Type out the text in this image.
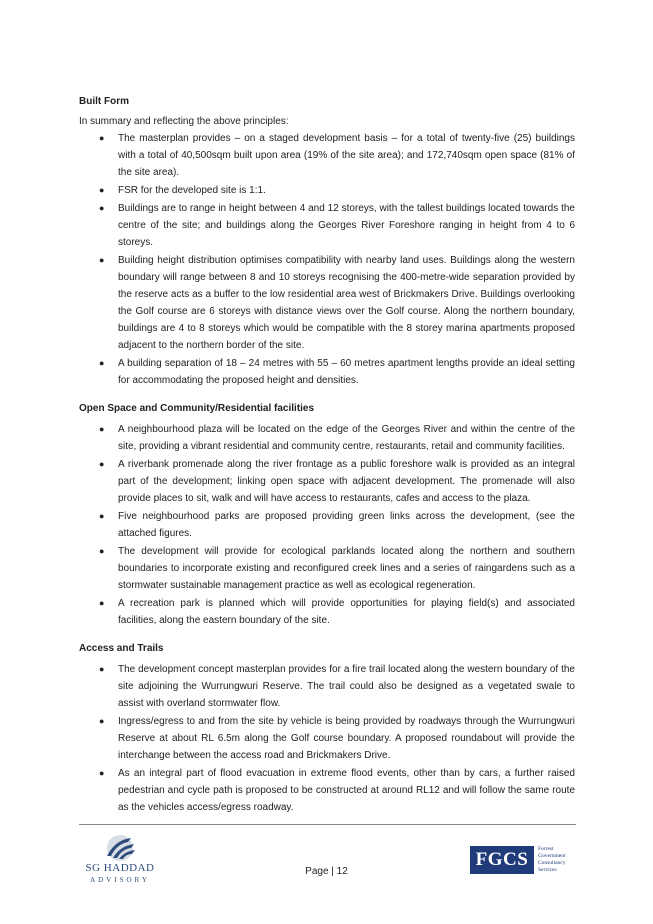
Built Form

In summary and reflecting the above principles:

● The masterplan provides – on a staged development basis – for a total of twenty-five (25) buildings with a total of 40,500sqm built upon area (19% of the site area); and 172,740sqm open space (81% of the site area).
● FSR for the developed site is 1:1.
● Buildings are to range in height between 4 and 12 storeys, with the tallest buildings located towards the centre of the site; and buildings along the Georges River Foreshore ranging in height from 4 to 6 storeys.
● Building height distribution optimises compatibility with nearby land uses. Buildings along the western boundary will range between 8 and 10 storeys recognising the 400-metre-wide separation provided by the reserve acts as a buffer to the low residential area west of Brickmakers Drive. Buildings overlooking the Golf course are 6 storeys with distance views over the Golf course. Along the northern boundary, buildings are 4 to 8 storeys which would be compatible with the 8 storey marina apartments proposed adjacent to the northern border of the site.
● A building separation of 18 – 24 metres with 55 – 60 metres apartment lengths provide an ideal setting for accommodating the proposed height and densities.
Open Space and Community/Residential facilities
● A neighbourhood plaza will be located on the edge of the Georges River and within the centre of the site, providing a vibrant residential and community centre, restaurants, retail and community facilities.
● A riverbank promenade along the river frontage as a public foreshore walk is provided as an integral part of the development; linking open space with adjacent development. The promenade will also provide places to sit, walk and will have access to restaurants, cafes and access to the plaza.
● Five neighbourhood parks are proposed providing green links across the development, (see the attached figures.
● The development will provide for ecological parklands located along the northern and southern boundaries to incorporate existing and reconfigured creek lines and a series of raingardens such as a stormwater sustainable management practice as well as ecological regeneration.
● A recreation park is planned which will provide opportunities for playing field(s) and associated facilities, along the eastern boundary of the site.
Access and Trails
● The development concept masterplan provides for a fire trail located along the western boundary of the site adjoining the Wurrungwuri Reserve. The trail could also be designed as a vegetated swale to assist with overland stormwater flow.
● Ingress/egress to and from the site by vehicle is being provided by roadways through the Wurrungwuri Reserve at about RL 6.5m along the Golf course boundary. A proposed roundabout will provide the interchange between the access road and Brickmakers Drive.
● As an integral part of flood evacuation in extreme flood events, other than by cars, a further raised pedestrian and cycle path is proposed to be constructed at around RL12 and will follow the same route as the vehicles access/egress roadway.
SG HADDAD
ADVISORY
Page | 12
FGCS	Forrest
Government
Consultancy
Services
